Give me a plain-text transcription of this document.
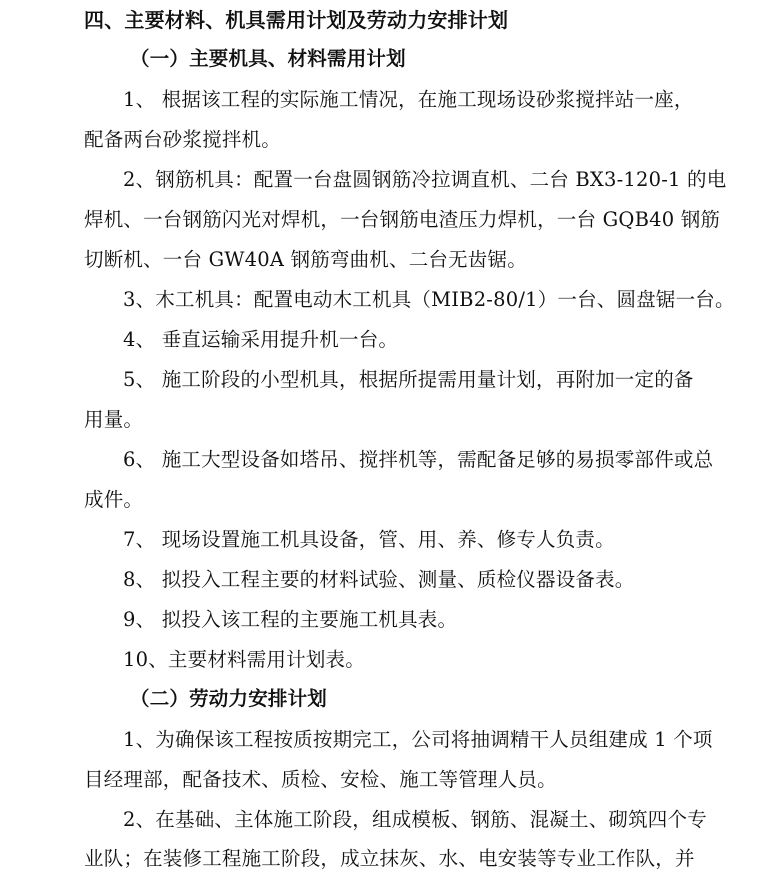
四、主要材料、机具需用计划及劳动力安排计划
（一）主要机具、材料需用计划
1、 根据该工程的实际施工情况，在施工现场设砂浆搅拌站一座，
配备两台砂浆搅拌机。
2、钢筋机具：配置一台盘圆钢筋冷拉调直机、二台 BX3-120-1 的电
焊机、一台钢筋闪光对焊机，一台钢筋电渣压力焊机，一台 GQB40 钢筋
切断机、一台 GW40A 钢筋弯曲机、二台无齿锯。
3、木工机具：配置电动木工机具（MIB2-80/1）一台、圆盘锯一台。
4、 垂直运输采用提升机一台。
5、 施工阶段的小型机具，根据所提需用量计划，再附加一定的备
用量。
6、 施工大型设备如塔吊、搅拌机等，需配备足够的易损零部件或总
成件。
7、 现场设置施工机具设备，管、用、养、修专人负责。
8、 拟投入工程主要的材料试验、测量、质检仪器设备表。
9、 拟投入该工程的主要施工机具表。
10、主要材料需用计划表。
（二）劳动力安排计划
1、为确保该工程按质按期完工，公司将抽调精干人员组建成 1 个项
目经理部，配备技术、质检、安检、施工等管理人员。
2、在基础、主体施工阶段，组成模板、钢筋、混凝土、砌筑四个专
业队；在装修工程施工阶段，成立抹灰、水、电安装等专业工作队，并
